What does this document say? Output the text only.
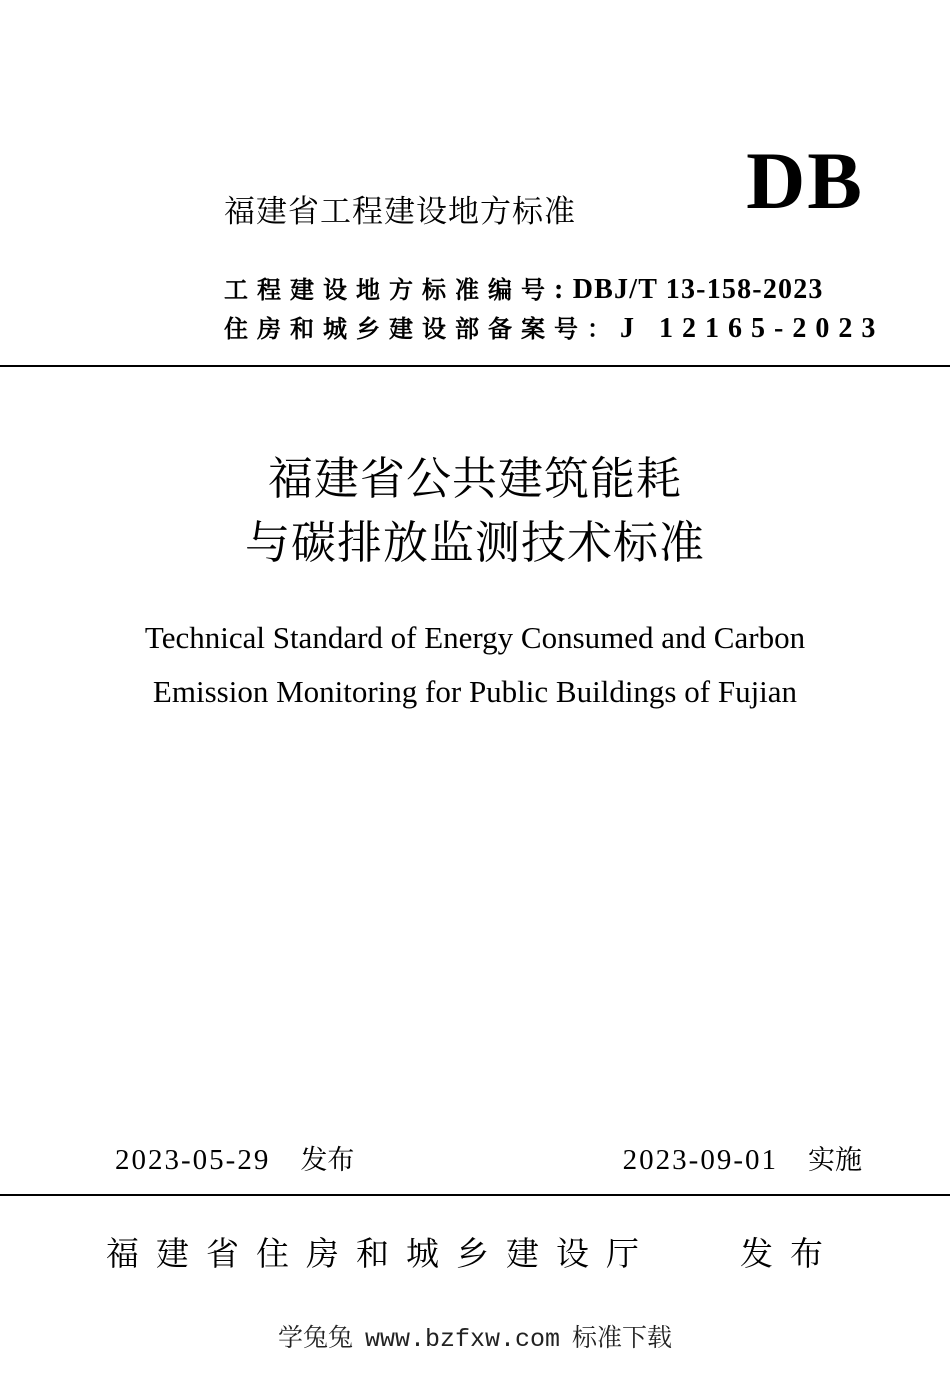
福建省工程建设地方标准 DB
工程建设地方标准编号: DBJ/T 13-158-2023
住房和城乡建设部备案号：J 12165-2023
福建省公共建筑能耗
与碳排放监测技术标准
Technical Standard of Energy Consumed and Carbon
Emission Monitoring for Public Buildings of Fujian
2023-05-29 发布	2023-09-01 实施
福建省住房和城乡建设厅	发布
学兔兔 www.bzfxw.com 标准下载
